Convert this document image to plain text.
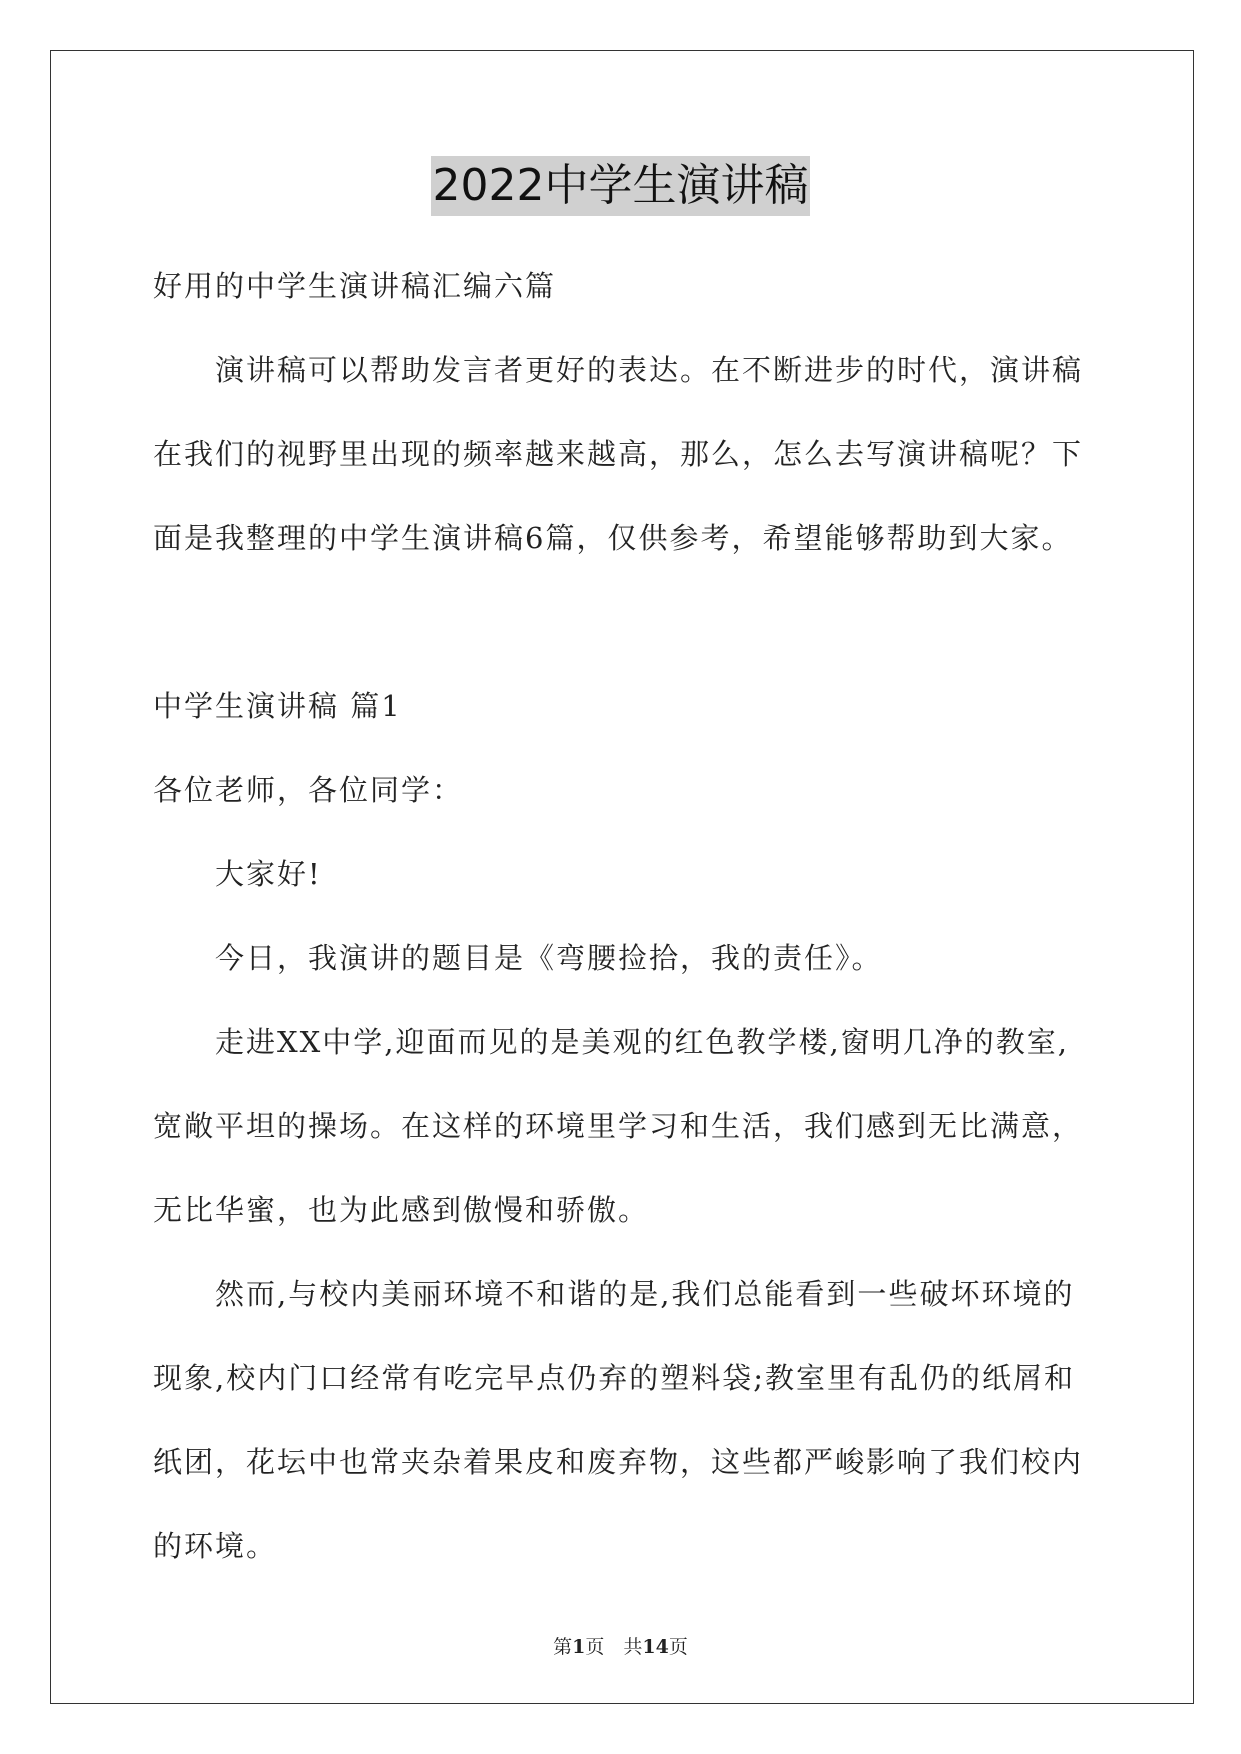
2022中学生演讲稿
好用的中学生演讲稿汇编六篇
演讲稿可以帮助发言者更好的表达。在不断进步的时代，演讲稿
在我们的视野里出现的频率越来越高，那么，怎么去写演讲稿呢？下
面是我整理的中学生演讲稿6篇，仅供参考，希望能够帮助到大家。
中学生演讲稿 篇1
各位老师，各位同学：
大家好!
今日，我演讲的题目是《弯腰捡拾，我的责任》。
走进XX中学,迎面而见的是美观的红色教学楼,窗明几净的教室,
宽敞平坦的操场。在这样的环境里学习和生活，我们感到无比满意，
无比华蜜，也为此感到傲慢和骄傲。
然而,与校内美丽环境不和谐的是,我们总能看到一些破坏环境的
现象,校内门口经常有吃完早点仍弃的塑料袋;教室里有乱仍的纸屑和
纸团，花坛中也常夹杂着果皮和废弃物，这些都严峻影响了我们校内
的环境。
第1页　共14页
